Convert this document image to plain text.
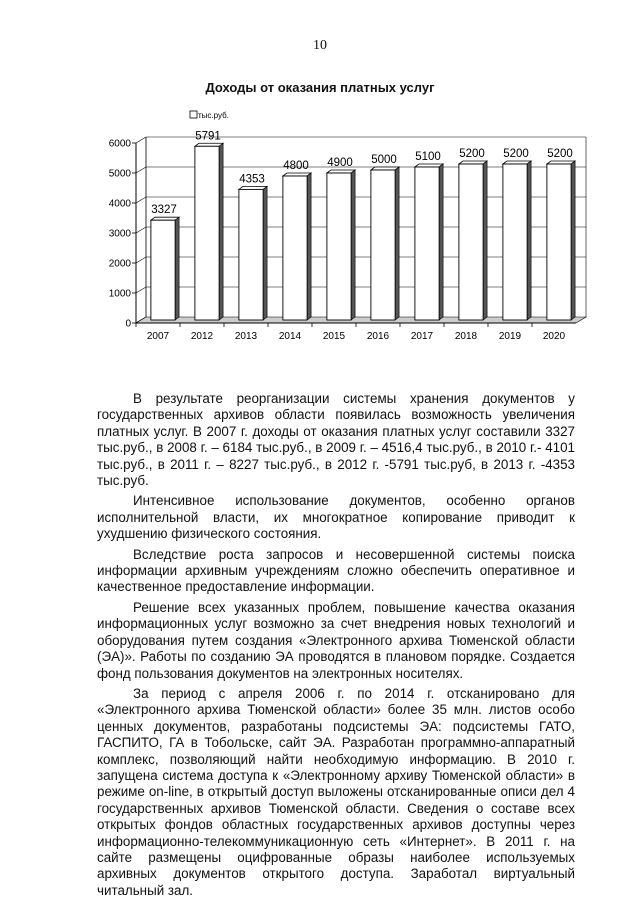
10
Доходы от оказания платных услуг
тыс.руб.
3327
5791
4353
4800 4900 5000 5100 5200 5200 5200
0
1000
2000
3000
4000
5000
6000
2007 2012 2013 2014 2015 2016 2017 2018 2019 2020

В результате реорганизации системы хранения документов у государственных архивов области появилась возможность увеличения платных услуг. В 2007 г. доходы от оказания платных услуг составили 3327 тыс.руб., в 2008 г. – 6184 тыс.руб., в 2009 г. – 4516,4 тыс.руб., в 2010 г.- 4101 тыс.руб., в 2011 г. – 8227 тыс.руб., в 2012 г. -5791 тыс.руб, в 2013 г. -4353 тыс.руб.

Интенсивное использование документов, особенно органов исполнительной власти, их многократное копирование приводит к ухудшению физического состояния.

Вследствие роста запросов и несовершенной системы поиска информации архивным учреждениям сложно обеспечить оперативное и качественное предоставление информации.

Решение всех указанных проблем, повышение качества оказания информационных услуг возможно за счет внедрения новых технологий и оборудования путем создания «Электронного архива Тюменской области (ЭА)». Работы по созданию ЭА проводятся в плановом порядке. Создается фонд пользования документов на электронных носителях.

За период с апреля 2006 г. по 2014 г. отсканировано для «Электронного архива Тюменской области» более 35 млн. листов особо ценных документов, разработаны подсистемы ЭА: подсистемы ГАТО, ГАСПИТО, ГА в Тобольске, сайт ЭА. Разработан программно-аппаратный комплекс, позволяющий найти необходимую информацию. В 2010 г. запущена система доступа к «Электронному архиву Тюменской области» в режиме on-line, в открытый доступ выложены отсканированные описи дел 4 государственных архивов Тюменской области. Сведения о составе всех открытых фондов областных государственных архивов доступны через информационно-телекоммуникационную сеть «Интернет». В 2011 г. на сайте размещены оцифрованные образы наиболее используемых архивных документов открытого доступа. Заработал виртуальный читальный зал.
